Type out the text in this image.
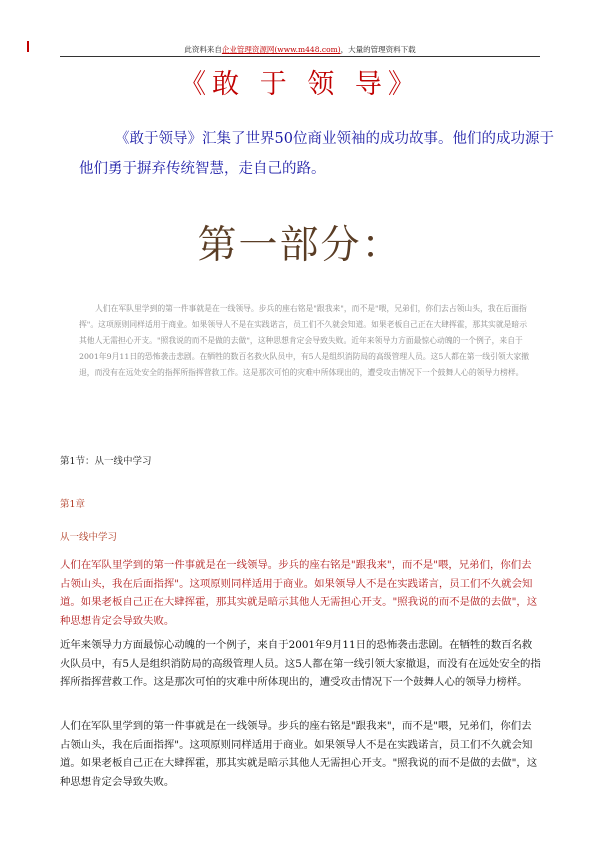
此资料来自企业管理资源网(www.m448.com)，大量的管理资料下载
《敢 于 领 导》
《敢于领导》汇集了世界50位商业领袖的成功故事。他们的成功源于他们勇于摒弃传统智慧，走自己的路。
第一部分：
人们在军队里学到的第一件事就是在一线领导。步兵的座右铭是"跟我来"，而不是"喂，兄弟们，你们去占领山头，我在后面指挥"。这项原则同样适用于商业。如果领导人不是在实践诺言，员工们不久就会知道。如果老板自己正在大肆挥霍，那其实就是暗示其他人无需担心开支。"照我说的而不是做的去做"，这种思想肯定会导致失败。近年来领导力方面最惊心动魄的一个例子，来自于2001年9月11日的恐怖袭击悲剧。在牺牲的数百名救火队员中，有5人是组织消防局的高级管理人员。这5人都在第一线引领大家撤退，而没有在远处安全的指挥所指挥营救工作。这是那次可怕的灾难中所体现出的，遭受攻击情况下一个鼓舞人心的领导力榜样。
第1节：从一线中学习
第1章
从一线中学习
人们在军队里学到的第一件事就是在一线领导。步兵的座右铭是"跟我来"，而不是"喂，兄弟们，你们去占领山头，我在后面指挥"。这项原则同样适用于商业。如果领导人不是在实践诺言，员工们不久就会知道。如果老板自己正在大肆挥霍，那其实就是暗示其他人无需担心开支。"照我说的而不是做的去做"，这种思想肯定会导致失败。
近年来领导力方面最惊心动魄的一个例子，来自于2001年9月11日的恐怖袭击悲剧。在牺牲的数百名救火队员中，有5人是组织消防局的高级管理人员。这5人都在第一线引领大家撤退，而没有在远处安全的指挥所指挥营救工作。这是那次可怕的灾难中所体现出的，遭受攻击情况下一个鼓舞人心的领导力榜样。
人们在军队里学到的第一件事就是在一线领导。步兵的座右铭是"跟我来"，而不是"喂，兄弟们，你们去占领山头，我在后面指挥"。这项原则同样适用于商业。如果领导人不是在实践诺言，员工们不久就会知道。如果老板自己正在大肆挥霍，那其实就是暗示其他人无需担心开支。"照我说的而不是做的去做"，这种思想肯定会导致失败。
